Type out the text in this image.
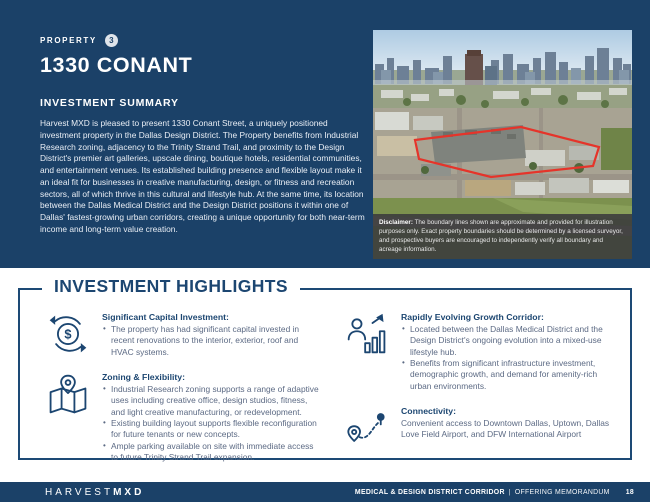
PROPERTY	3
1330 CONANT
INVESTMENT SUMMARY
Harvest MXD is pleased to present 1330 Conant Street, a uniquely positioned investment property in the Dallas Design District. The Property benefits from Industrial Research zoning, adjacency to the Trinity Strand Trail, and proximity to the Design District's premier art galleries, upscale dining, boutique hotels, residential communities, and entertainment venues. Its established building presence and flexible layout make it an ideal fit for businesses in creative manufacturing, design, or fitness and recreation sectors, all of which thrive in this cultural and lifestyle hub. At the same time, its location between the Dallas Medical District and the Design District positions it within one of Dallas' fastest-growing urban corridors, creating a unique opportunity for both near-term income and long-term value creation.
Disclaimer: The boundary lines shown are approximate and provided for illustration purposes only. Exact property boundaries should be determined by a licensed surveyor, and prospective buyers are encouraged to independently verify all boundary and acreage information.
INVESTMENT HIGHLIGHTS
$
Significant Capital Investment:
• The property has had significant capital invested in recent renovations to the interior, exterior, roof and HVAC systems.
Zoning & Flexibility:
• Industrial Research zoning supports a range of adaptive uses including creative office, design studios, fitness, and light creative manufacturing, or redevelopment.
• Existing building layout supports flexible reconfiguration for future tenants or new concepts.
• Ample parking available on site with immediate access to future Trinity Strand Trail expansion.
Rapidly Evolving Growth Corridor:
• Located between the Dallas Medical District and the Design District's ongoing evolution into a mixed-use lifestyle hub.
• Benefits from significant infrastructure investment, demographic growth, and demand for amenity-rich urban environments.
Connectivity:
Convenient access to Downtown Dallas, Uptown, Dallas Love Field Airport, and DFW International Airport
HARVESTMXD	MEDICAL & DESIGN DISTRICT CORRIDOR | OFFERING MEMORANDUM 18
